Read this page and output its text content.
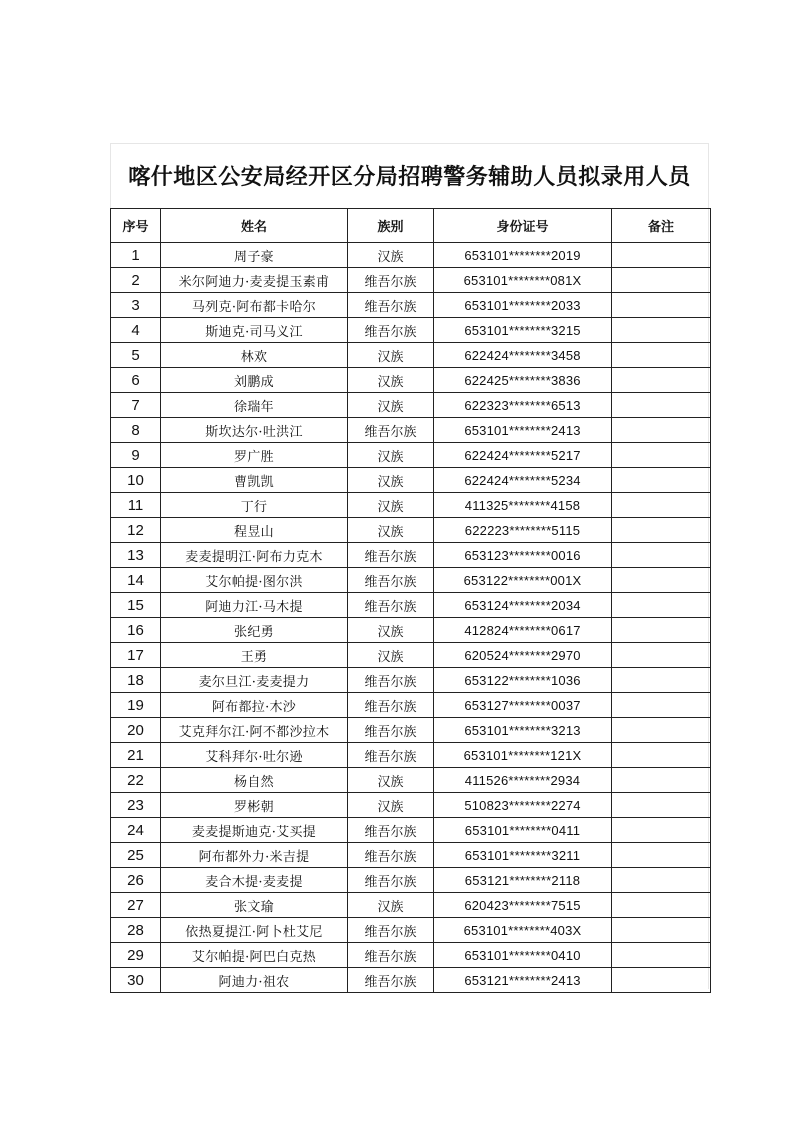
喀什地区公安局经开区分局招聘警务辅助人员拟录用人员
序号	姓名	族别	身份证号	备注
1	周子豪	汉族	653101********2019	
2	米尔阿迪力·麦麦提玉素甫	维吾尔族	653101********081X	
3	马列克·阿布都卡哈尔	维吾尔族	653101********2033	
4	斯迪克·司马义江	维吾尔族	653101********3215	
5	林欢	汉族	622424********3458	
6	刘鹏成	汉族	622425********3836	
7	徐瑞年	汉族	622323********6513	
8	斯坎达尔·吐洪江	维吾尔族	653101********2413	
9	罗广胜	汉族	622424********5217	
10	曹凯凯	汉族	622424********5234	
11	丁行	汉族	411325********4158	
12	程昱山	汉族	622223********5115	
13	麦麦提明江·阿布力克木	维吾尔族	653123********0016	
14	艾尔帕提·图尔洪	维吾尔族	653122********001X	
15	阿迪力江·马木提	维吾尔族	653124********2034	
16	张纪勇	汉族	412824********0617	
17	王勇	汉族	620524********2970	
18	麦尔旦江·麦麦提力	维吾尔族	653122********1036	
19	阿布都拉·木沙	维吾尔族	653127********0037	
20	艾克拜尔江·阿不都沙拉木	维吾尔族	653101********3213	
21	艾科拜尔·吐尔逊	维吾尔族	653101********121X	
22	杨自然	汉族	411526********2934	
23	罗彬朝	汉族	510823********2274	
24	麦麦提斯迪克·艾买提	维吾尔族	653101********0411	
25	阿布都外力·米吉提	维吾尔族	653101********3211	
26	麦合木提·麦麦提	维吾尔族	653121********2118	
27	张文瑜	汉族	620423********7515	
28	依热夏提江·阿卜杜艾尼	维吾尔族	653101********403X	
29	艾尔帕提·阿巴白克热	维吾尔族	653101********0410	
30	阿迪力·祖农	维吾尔族	653121********2413	
